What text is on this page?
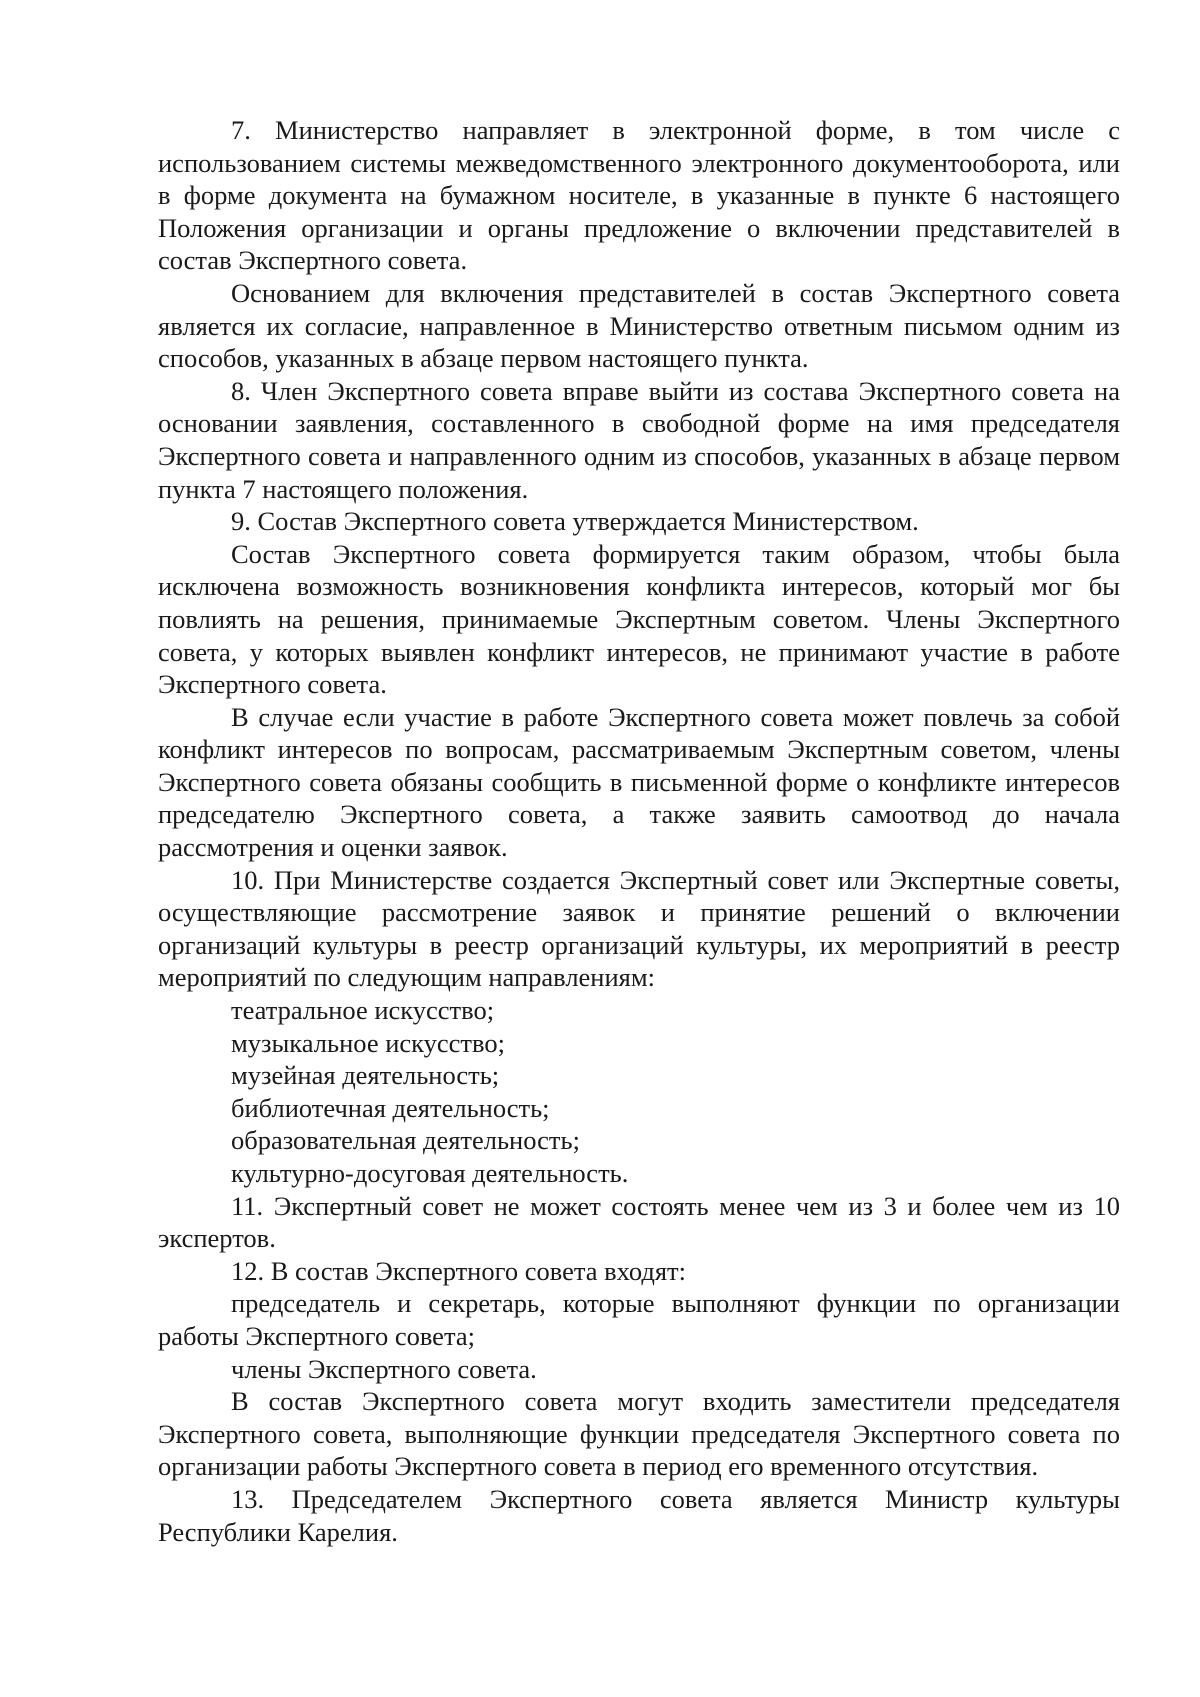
7. Министерство направляет в электронной форме, в том числе с использованием системы межведомственного электронного документооборота, или в форме документа на бумажном носителе, в указанные в пункте 6 настоящего Положения организации и органы предложение о включении представителей в состав Экспертного совета.

Основанием для включения представителей в состав Экспертного совета является их согласие, направленное в Министерство ответным письмом одним из способов, указанных в абзаце первом настоящего пункта.

8. Член Экспертного совета вправе выйти из состава Экспертного совета на основании заявления, составленного в свободной форме на имя председателя Экспертного совета и направленного одним из способов, указанных в абзаце первом пункта 7 настоящего положения.

9. Состав Экспертного совета утверждается Министерством.

Состав Экспертного совета формируется таким образом, чтобы была исключена возможность возникновения конфликта интересов, который мог бы повлиять на решения, принимаемые Экспертным советом. Члены Экспертного совета, у которых выявлен конфликт интересов, не принимают участие в работе Экспертного совета.

В случае если участие в работе Экспертного совета может повлечь за собой конфликт интересов по вопросам, рассматриваемым Экспертным советом, члены Экспертного совета обязаны сообщить в письменной форме о конфликте интересов председателю Экспертного совета, а также заявить самоотвод до начала рассмотрения и оценки заявок.

10. При Министерстве создается Экспертный совет или Экспертные советы, осуществляющие рассмотрение заявок и принятие решений о включении организаций культуры в реестр организаций культуры, их мероприятий в реестр мероприятий по следующим направлениям:

театральное искусство;

музыкальное искусство;

музейная деятельность;

библиотечная деятельность;

образовательная деятельность;

культурно-досуговая деятельность.

11. Экспертный совет не может состоять менее чем из 3 и более чем из 10 экспертов.

12. В состав Экспертного совета входят:

председатель и секретарь, которые выполняют функции по организации работы Экспертного совета;

члены Экспертного совета.

В состав Экспертного совета могут входить заместители председателя Экспертного совета, выполняющие функции председателя Экспертного совета по организации работы Экспертного совета в период его временного отсутствия.

13. Председателем Экспертного совета является Министр культуры Республики Карелия.
